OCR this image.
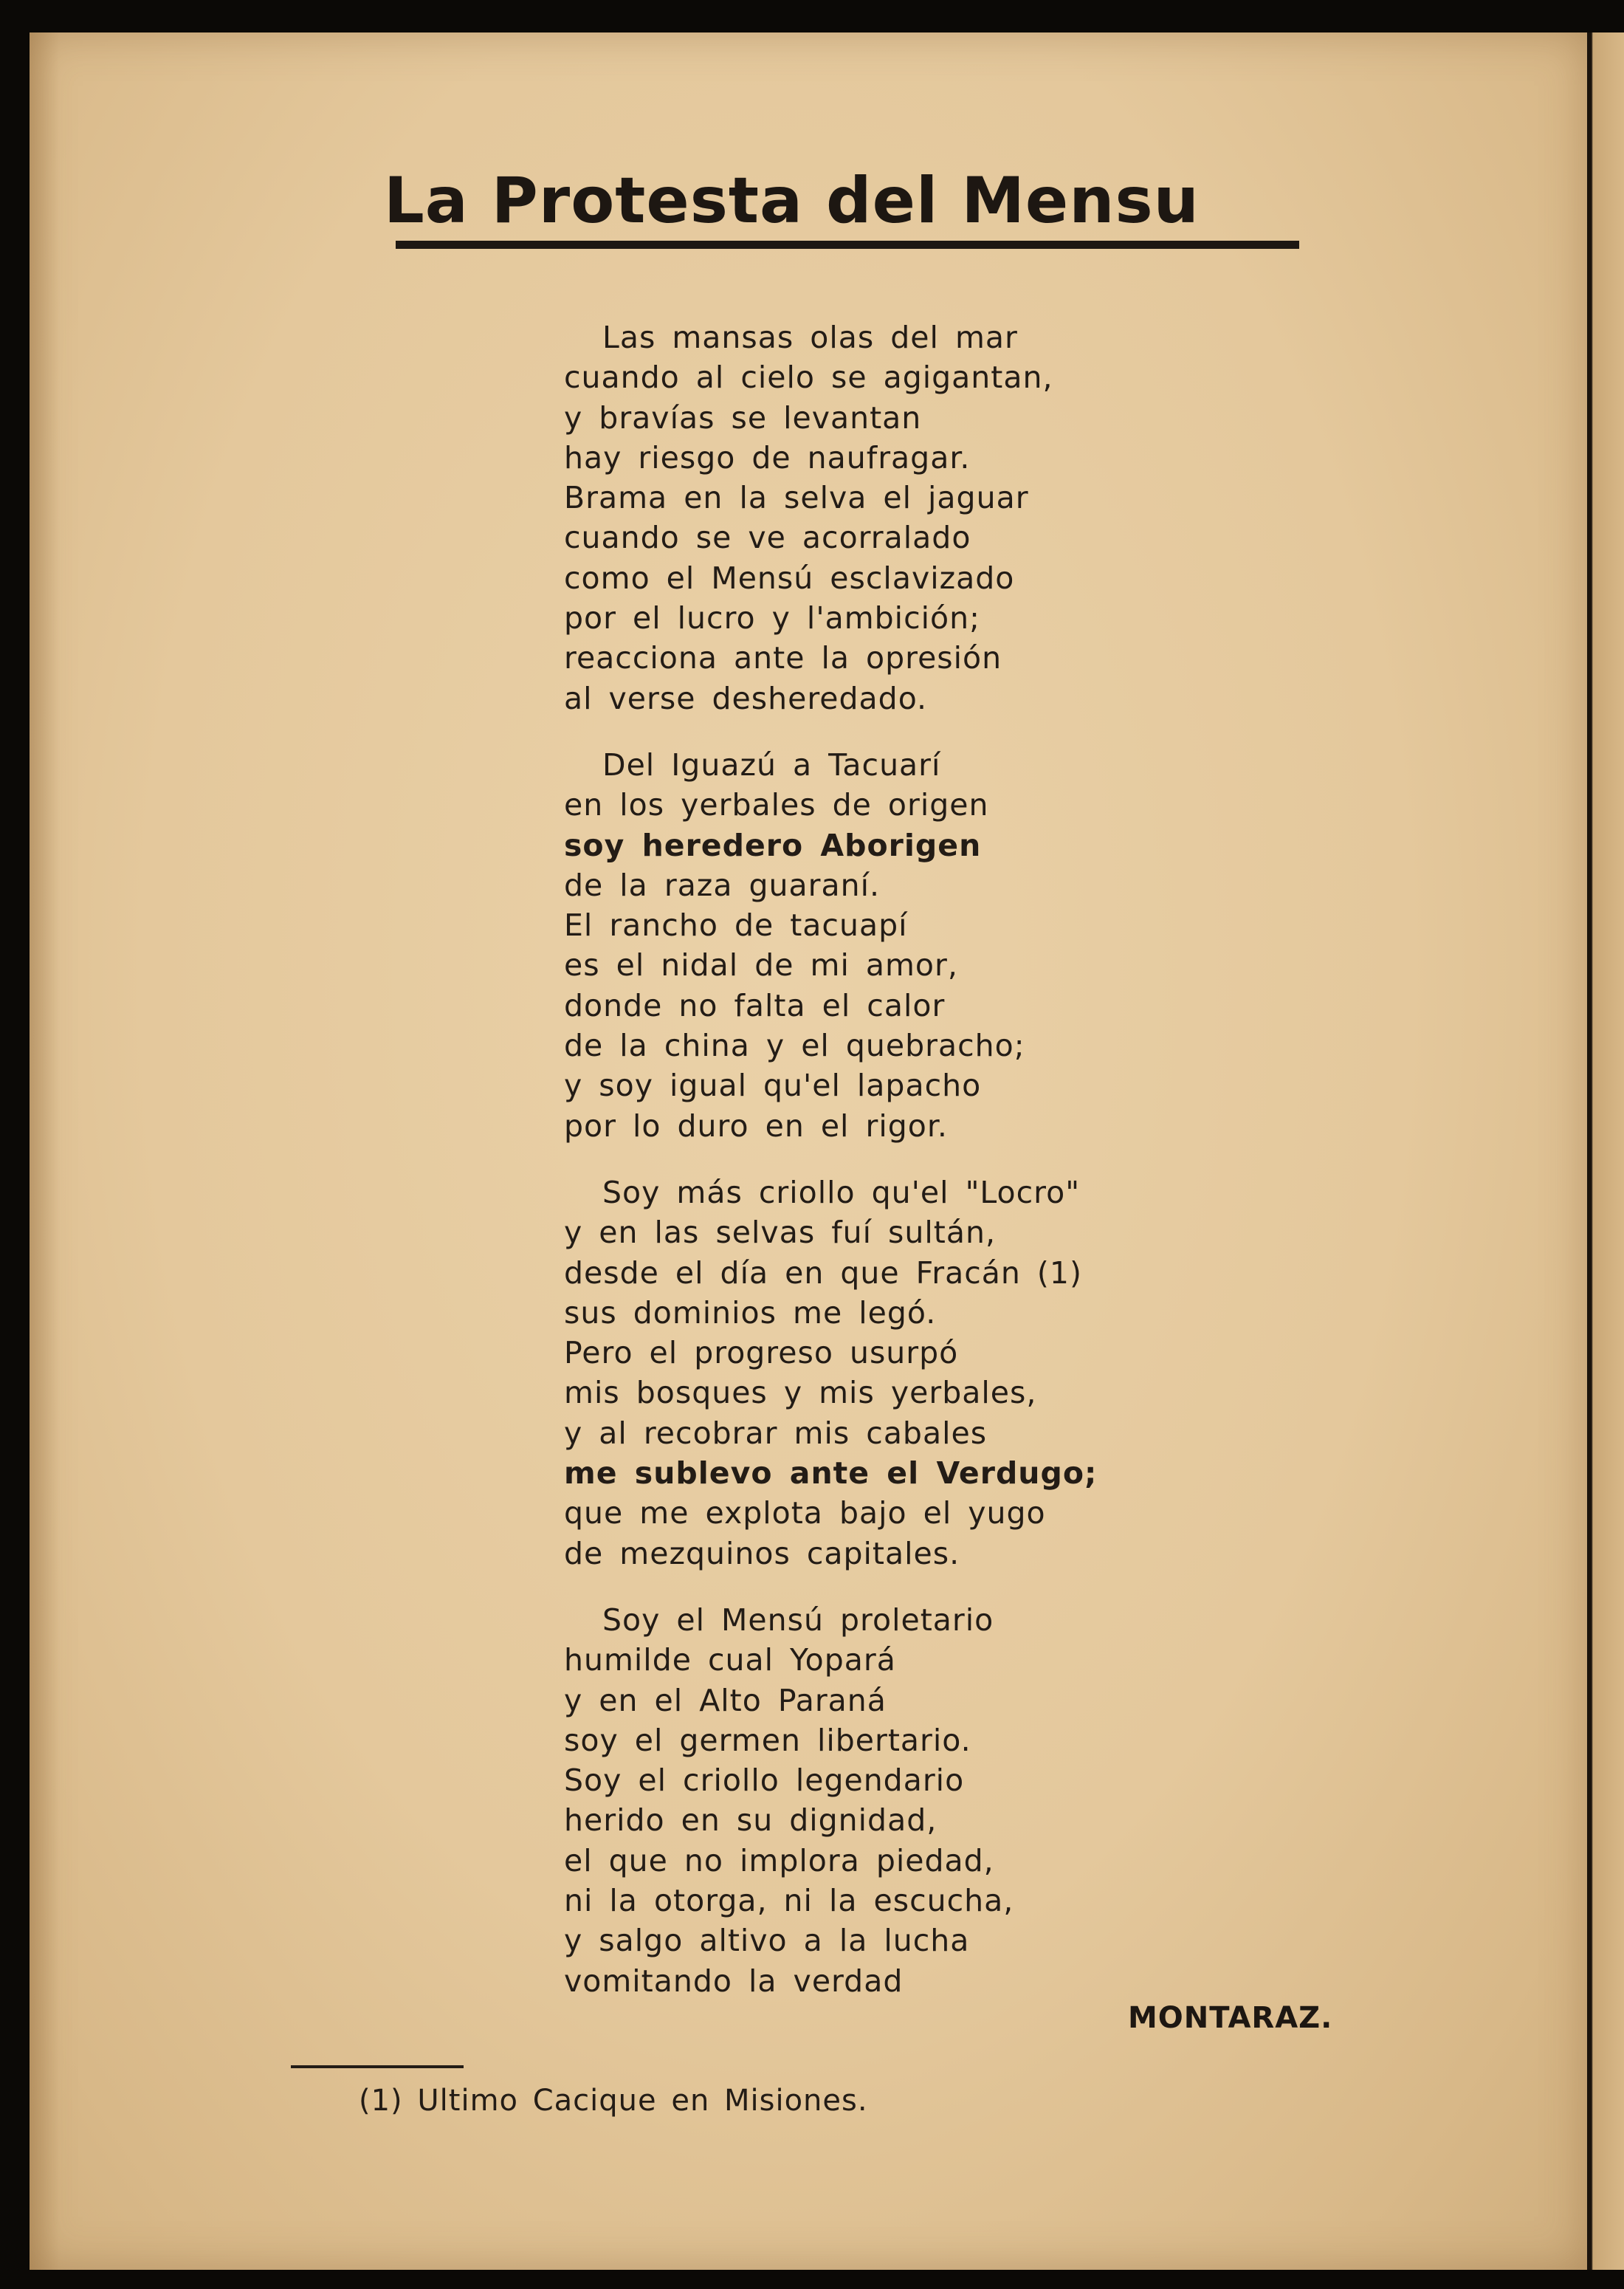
La Protesta del Mensu
Las mansas olas del mar
cuando al cielo se agigantan,
y bravías se levantan
hay riesgo de naufragar.
Brama en la selva el jaguar
cuando se ve acorralado
como el Mensú esclavizado
por el lucro y l'ambición;
reacciona ante la opresión
al verse desheredado.
Del Iguazú a Tacuarí
en los yerbales de origen
soy heredero Aborigen
de la raza guaraní.
El rancho de tacuapí
es el nidal de mi amor,
donde no falta el calor
de la china y el quebracho;
y soy igual qu'el lapacho
por lo duro en el rigor.
Soy más criollo qu'el "Locro"
y en las selvas fuí sultán,
desde el día en que Fracán (1)
sus dominios me legó.
Pero el progreso usurpó
mis bosques y mis yerbales,
y al recobrar mis cabales
me sublevo ante el Verdugo;
que me explota bajo el yugo
de mezquinos capitales.
Soy el Mensú proletario
humilde cual Yopará
y en el Alto Paraná
soy el germen libertario.
Soy el criollo legendario
herido en su dignidad,
el que no implora piedad,
ni la otorga, ni la escucha,
y salgo altivo a la lucha
vomitando la verdad
MONTARAZ.
(1) Ultimo Cacique en Misiones.
